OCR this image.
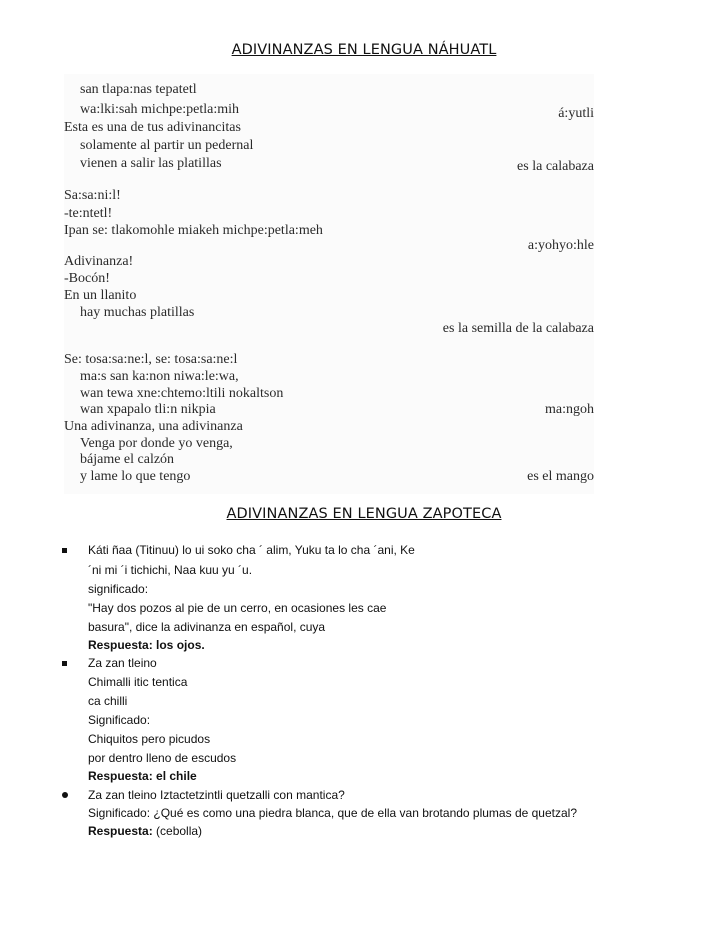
ADIVINANZAS EN LENGUA NÁHUATL
san tlapa:nas tepatetl
wa:lki:sah michpe:petla:mih	á:yutli
Esta es una de tus adivinancitas
solamente al partir un pedernal
vienen a salir las platillas	es la calabaza
Sa:sa:ni:l!
-te:ntetl!
Ipan se: tlakomohle miakeh michpe:petla:meh
a:yohyo:hle
Adivinanza!
-Bocón!
En un llanito
hay muchas platillas
es la semilla de la calabaza
Se: tosa:sa:ne:l, se: tosa:sa:ne:l
ma:s san ka:non niwa:le:wa,
wan tewa xne:chtemo:ltili nokaltson
wan xpapalo tli:n nikpia	ma:ngoh
Una adivinanza, una adivinanza
Venga por donde yo venga,
bájame el calzón
y lame lo que tengo	es el mango
ADIVINANZAS EN LENGUA ZAPOTECA
Káti ñaa (Titinuu) lo ui soko cha ´ alim, Yuku ta lo cha ´ani, Ke
´ni mi ´i tichichi, Naa kuu yu ´u.
significado:
"Hay dos pozos al pie de un cerro, en ocasiones les cae
basura", dice la adivinanza en español, cuya
Respuesta: los ojos.
Za zan tleino
Chimalli itic tentica
ca chilli
Significado:
Chiquitos pero picudos
por dentro lleno de escudos
Respuesta: el chile
Za zan tleino Iztactetzintli quetzalli con mantica?
Significado: ¿Qué es como una piedra blanca, que de ella van brotando plumas de quetzal?
Respuesta: (cebolla)
